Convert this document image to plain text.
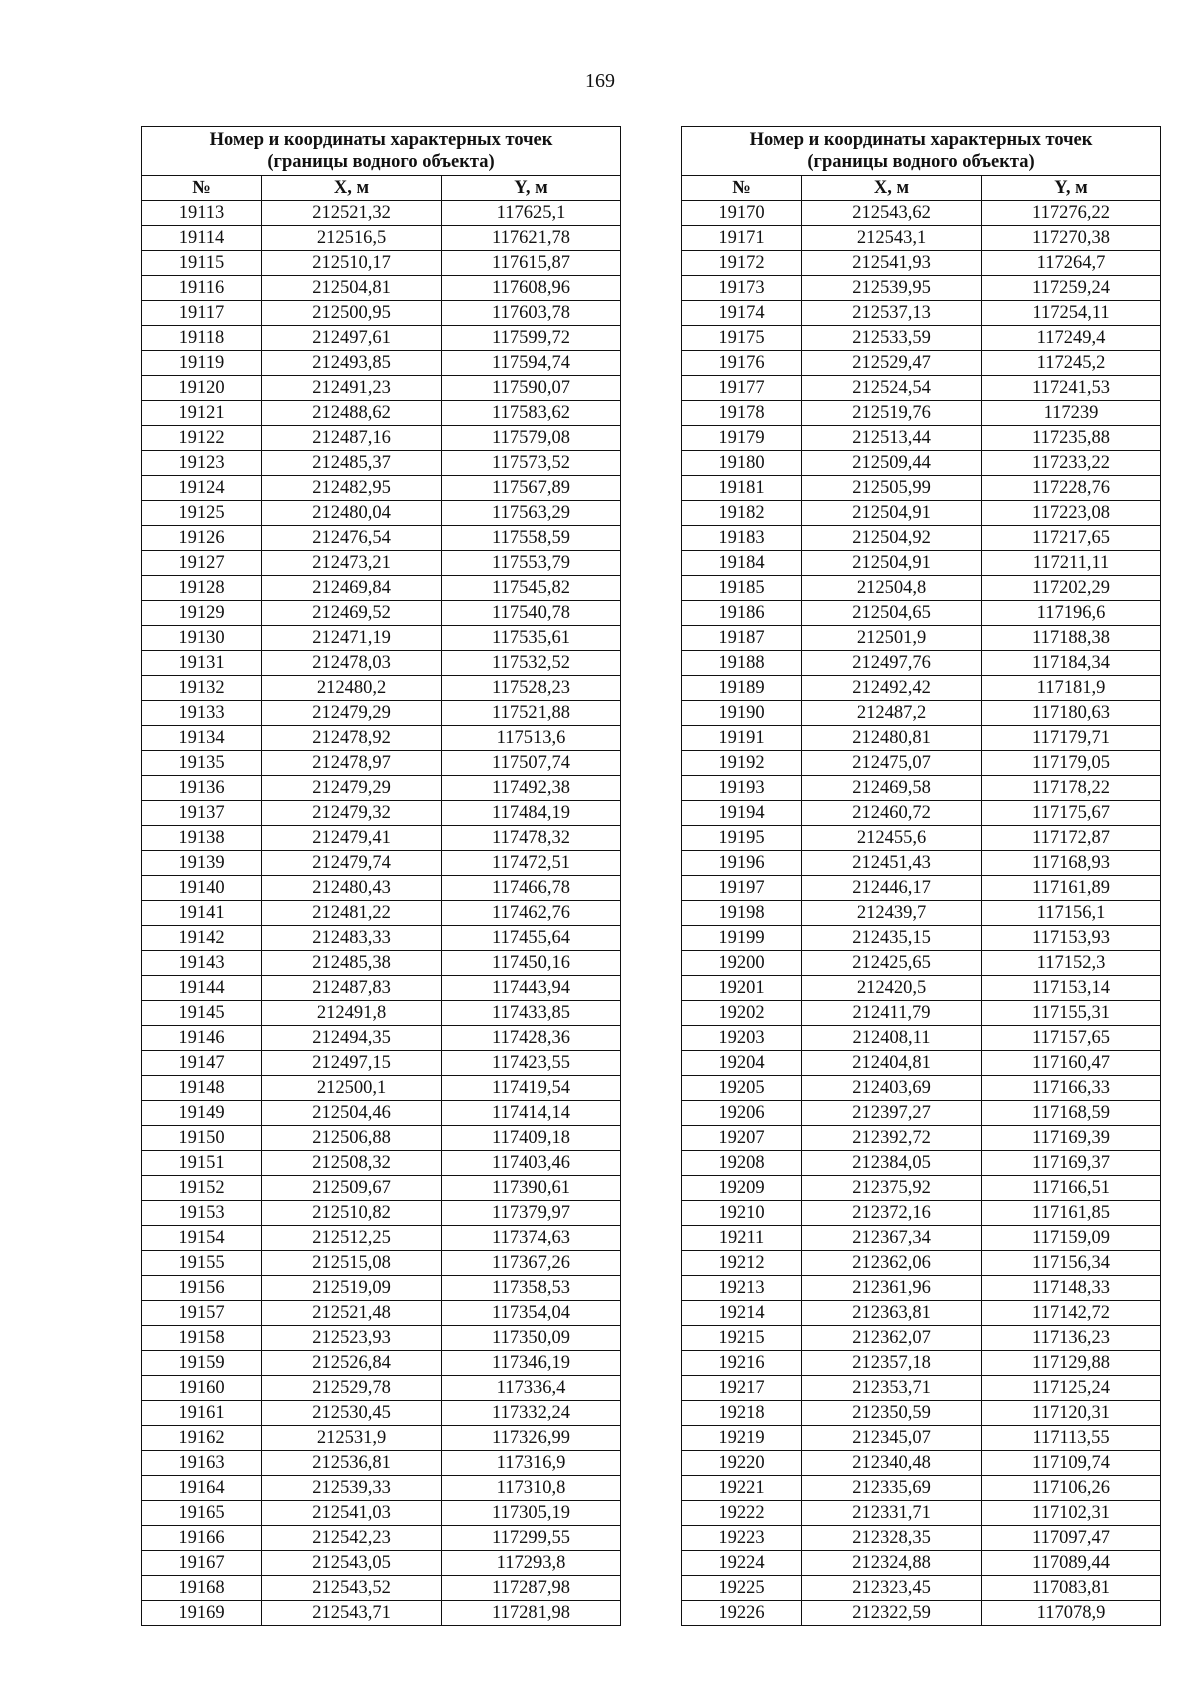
169
Номер и координаты характерных точек
(границы водного объекта)		
№	X, м	Y, м
19113	212521,32	117625,1
19114	212516,5	117621,78
19115	212510,17	117615,87
19116	212504,81	117608,96
19117	212500,95	117603,78
19118	212497,61	117599,72
19119	212493,85	117594,74
19120	212491,23	117590,07
19121	212488,62	117583,62
19122	212487,16	117579,08
19123	212485,37	117573,52
19124	212482,95	117567,89
19125	212480,04	117563,29
19126	212476,54	117558,59
19127	212473,21	117553,79
19128	212469,84	117545,82
19129	212469,52	117540,78
19130	212471,19	117535,61
19131	212478,03	117532,52
19132	212480,2	117528,23
19133	212479,29	117521,88
19134	212478,92	117513,6
19135	212478,97	117507,74
19136	212479,29	117492,38
19137	212479,32	117484,19
19138	212479,41	117478,32
19139	212479,74	117472,51
19140	212480,43	117466,78
19141	212481,22	117462,76
19142	212483,33	117455,64
19143	212485,38	117450,16
19144	212487,83	117443,94
19145	212491,8	117433,85
19146	212494,35	117428,36
19147	212497,15	117423,55
19148	212500,1	117419,54
19149	212504,46	117414,14
19150	212506,88	117409,18
19151	212508,32	117403,46
19152	212509,67	117390,61
19153	212510,82	117379,97
19154	212512,25	117374,63
19155	212515,08	117367,26
19156	212519,09	117358,53
19157	212521,48	117354,04
19158	212523,93	117350,09
19159	212526,84	117346,19
19160	212529,78	117336,4
19161	212530,45	117332,24
19162	212531,9	117326,99
19163	212536,81	117316,9
19164	212539,33	117310,8
19165	212541,03	117305,19
19166	212542,23	117299,55
19167	212543,05	117293,8
19168	212543,52	117287,98
19169	212543,71	117281,98
Номер и координаты характерных точек
(границы водного объекта)		
№	X, м	Y, м
19170	212543,62	117276,22
19171	212543,1	117270,38
19172	212541,93	117264,7
19173	212539,95	117259,24
19174	212537,13	117254,11
19175	212533,59	117249,4
19176	212529,47	117245,2
19177	212524,54	117241,53
19178	212519,76	117239
19179	212513,44	117235,88
19180	212509,44	117233,22
19181	212505,99	117228,76
19182	212504,91	117223,08
19183	212504,92	117217,65
19184	212504,91	117211,11
19185	212504,8	117202,29
19186	212504,65	117196,6
19187	212501,9	117188,38
19188	212497,76	117184,34
19189	212492,42	117181,9
19190	212487,2	117180,63
19191	212480,81	117179,71
19192	212475,07	117179,05
19193	212469,58	117178,22
19194	212460,72	117175,67
19195	212455,6	117172,87
19196	212451,43	117168,93
19197	212446,17	117161,89
19198	212439,7	117156,1
19199	212435,15	117153,93
19200	212425,65	117152,3
19201	212420,5	117153,14
19202	212411,79	117155,31
19203	212408,11	117157,65
19204	212404,81	117160,47
19205	212403,69	117166,33
19206	212397,27	117168,59
19207	212392,72	117169,39
19208	212384,05	117169,37
19209	212375,92	117166,51
19210	212372,16	117161,85
19211	212367,34	117159,09
19212	212362,06	117156,34
19213	212361,96	117148,33
19214	212363,81	117142,72
19215	212362,07	117136,23
19216	212357,18	117129,88
19217	212353,71	117125,24
19218	212350,59	117120,31
19219	212345,07	117113,55
19220	212340,48	117109,74
19221	212335,69	117106,26
19222	212331,71	117102,31
19223	212328,35	117097,47
19224	212324,88	117089,44
19225	212323,45	117083,81
19226	212322,59	117078,9
